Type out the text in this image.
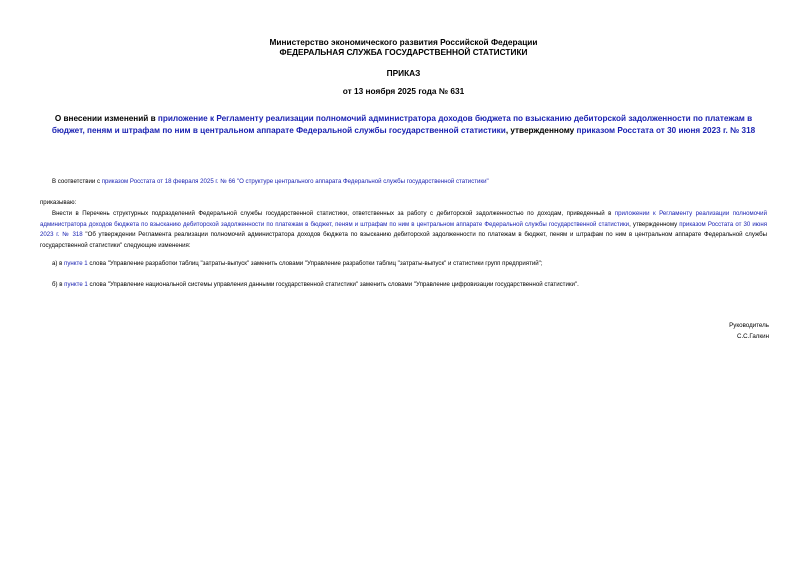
Министерство экономического развития Российской Федерации
ФЕДЕРАЛЬНАЯ СЛУЖБА ГОСУДАРСТВЕННОЙ СТАТИСТИКИ
ПРИКАЗ
от 13 ноября 2025 года № 631
О внесении изменений в приложение к Регламенту реализации полномочий администратора доходов бюджета по взысканию дебиторской задолженности по платежам в бюджет, пеням и штрафам по ним в центральном аппарате Федеральной службы государственной статистики, утвержденному приказом Росстата от 30 июня 2023 г. № 318
В соответствии с приказом Росстата от 18 февраля 2025 г. № 66 "О структуре центрального аппарата Федеральной службы государственной статистики"
приказываю:
Внести в Перечень структурных подразделений Федеральной службы государственной статистики, ответственных за работу с дебиторской задолженностью по доходам, приведенный в приложении к Регламенту реализации полномочий администратора доходов бюджета по взысканию дебиторской задолженности по платежам в бюджет, пеням и штрафам по ним в центральном аппарате Федеральной службы государственной статистики, утвержденному приказом Росстата от 30 июня 2023 г. № 318 "Об утверждении Регламента реализации полномочий администратора доходов бюджета по взысканию дебиторской задолженности по платежам в бюджет, пеням и штрафам по ним в центральном аппарате Федеральной службы государственной статистики" следующие изменения:
а) в пункте 1 слова "Управление разработки таблиц "затраты-выпуск" заменить словами "Управление разработки таблиц "затраты-выпуск" и статистики групп предприятий";
б) в пункте 1 слова "Управление национальной системы управления данными государственной статистики" заменить словами "Управление цифровизации государственной статистики".
Руководитель
С.С.Галкин
